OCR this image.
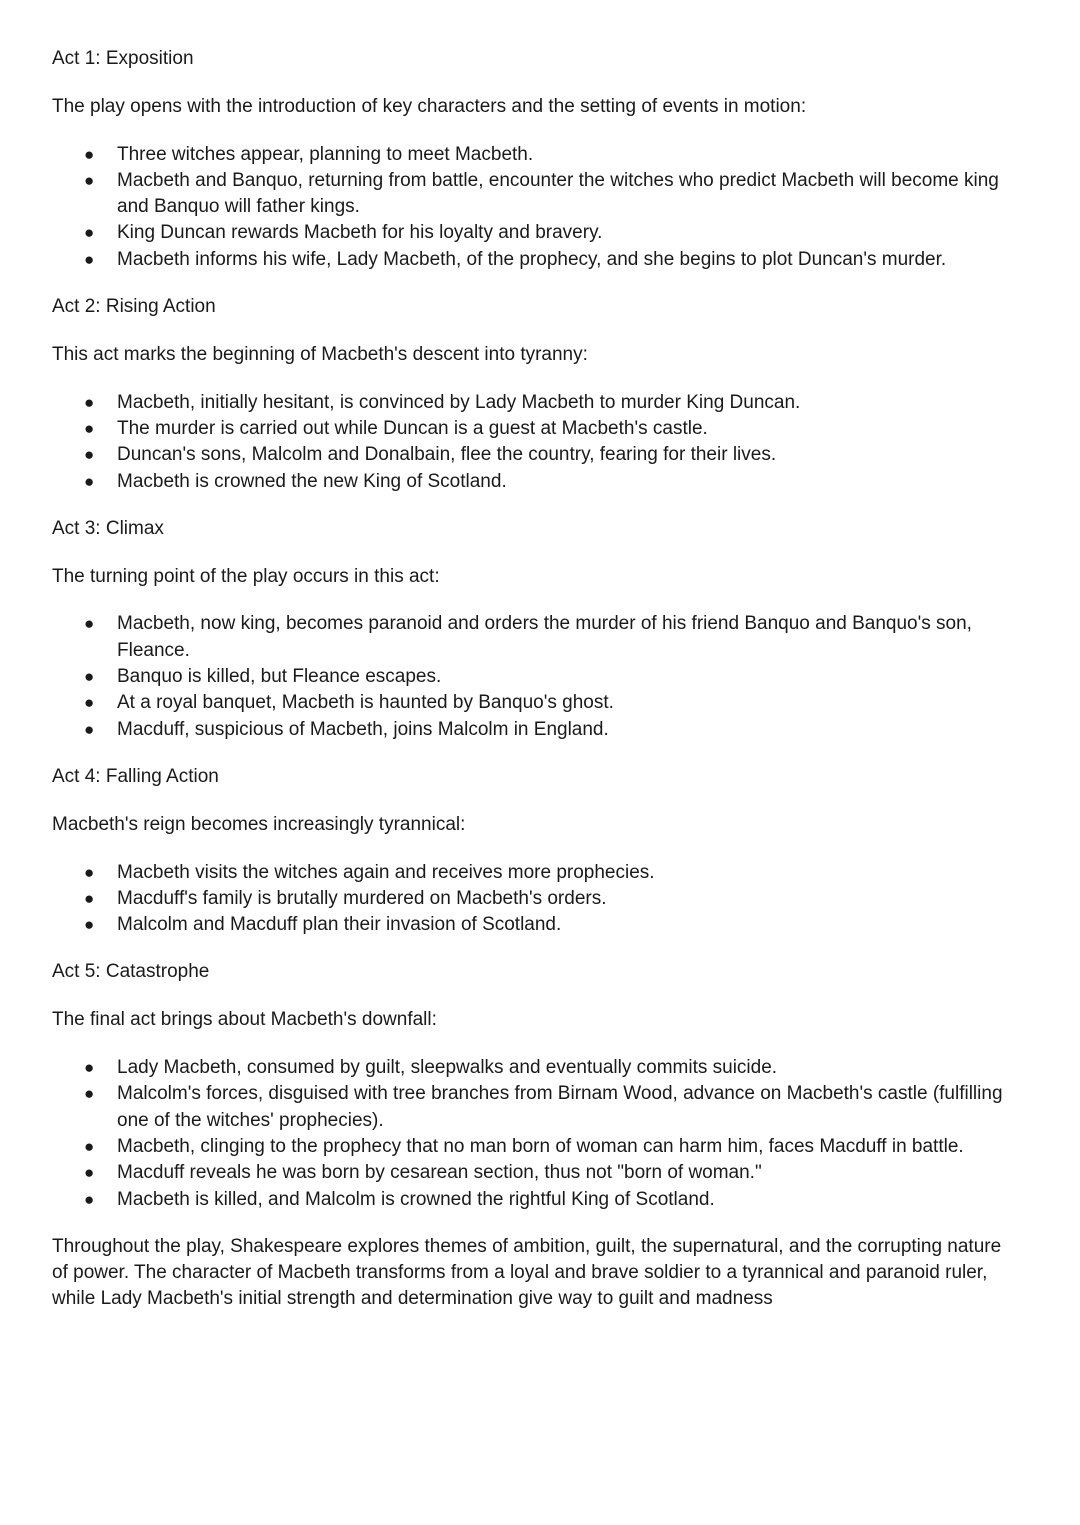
Act 1: Exposition
The play opens with the introduction of key characters and the setting of events in motion:
● Three witches appear, planning to meet Macbeth.
● Macbeth and Banquo, returning from battle, encounter the witches who predict Macbeth will become king and Banquo will father kings.
● King Duncan rewards Macbeth for his loyalty and bravery.
● Macbeth informs his wife, Lady Macbeth, of the prophecy, and she begins to plot Duncan's murder.
Act 2: Rising Action
This act marks the beginning of Macbeth's descent into tyranny:
● Macbeth, initially hesitant, is convinced by Lady Macbeth to murder King Duncan.
● The murder is carried out while Duncan is a guest at Macbeth's castle.
● Duncan's sons, Malcolm and Donalbain, flee the country, fearing for their lives.
● Macbeth is crowned the new King of Scotland.
Act 3: Climax
The turning point of the play occurs in this act:
● Macbeth, now king, becomes paranoid and orders the murder of his friend Banquo and Banquo's son, Fleance.
● Banquo is killed, but Fleance escapes.
● At a royal banquet, Macbeth is haunted by Banquo's ghost.
● Macduff, suspicious of Macbeth, joins Malcolm in England.
Act 4: Falling Action
Macbeth's reign becomes increasingly tyrannical:
● Macbeth visits the witches again and receives more prophecies.
● Macduff's family is brutally murdered on Macbeth's orders.
● Malcolm and Macduff plan their invasion of Scotland.
Act 5: Catastrophe
The final act brings about Macbeth's downfall:
● Lady Macbeth, consumed by guilt, sleepwalks and eventually commits suicide.
● Malcolm's forces, disguised with tree branches from Birnam Wood, advance on Macbeth's castle (fulfilling one of the witches' prophecies).
● Macbeth, clinging to the prophecy that no man born of woman can harm him, faces Macduff in battle.
● Macduff reveals he was born by cesarean section, thus not "born of woman."
● Macbeth is killed, and Malcolm is crowned the rightful King of Scotland.
Throughout the play, Shakespeare explores themes of ambition, guilt, the supernatural, and the corrupting nature of power. The character of Macbeth transforms from a loyal and brave soldier to a tyrannical and paranoid ruler, while Lady Macbeth's initial strength and determination give way to guilt and madness
